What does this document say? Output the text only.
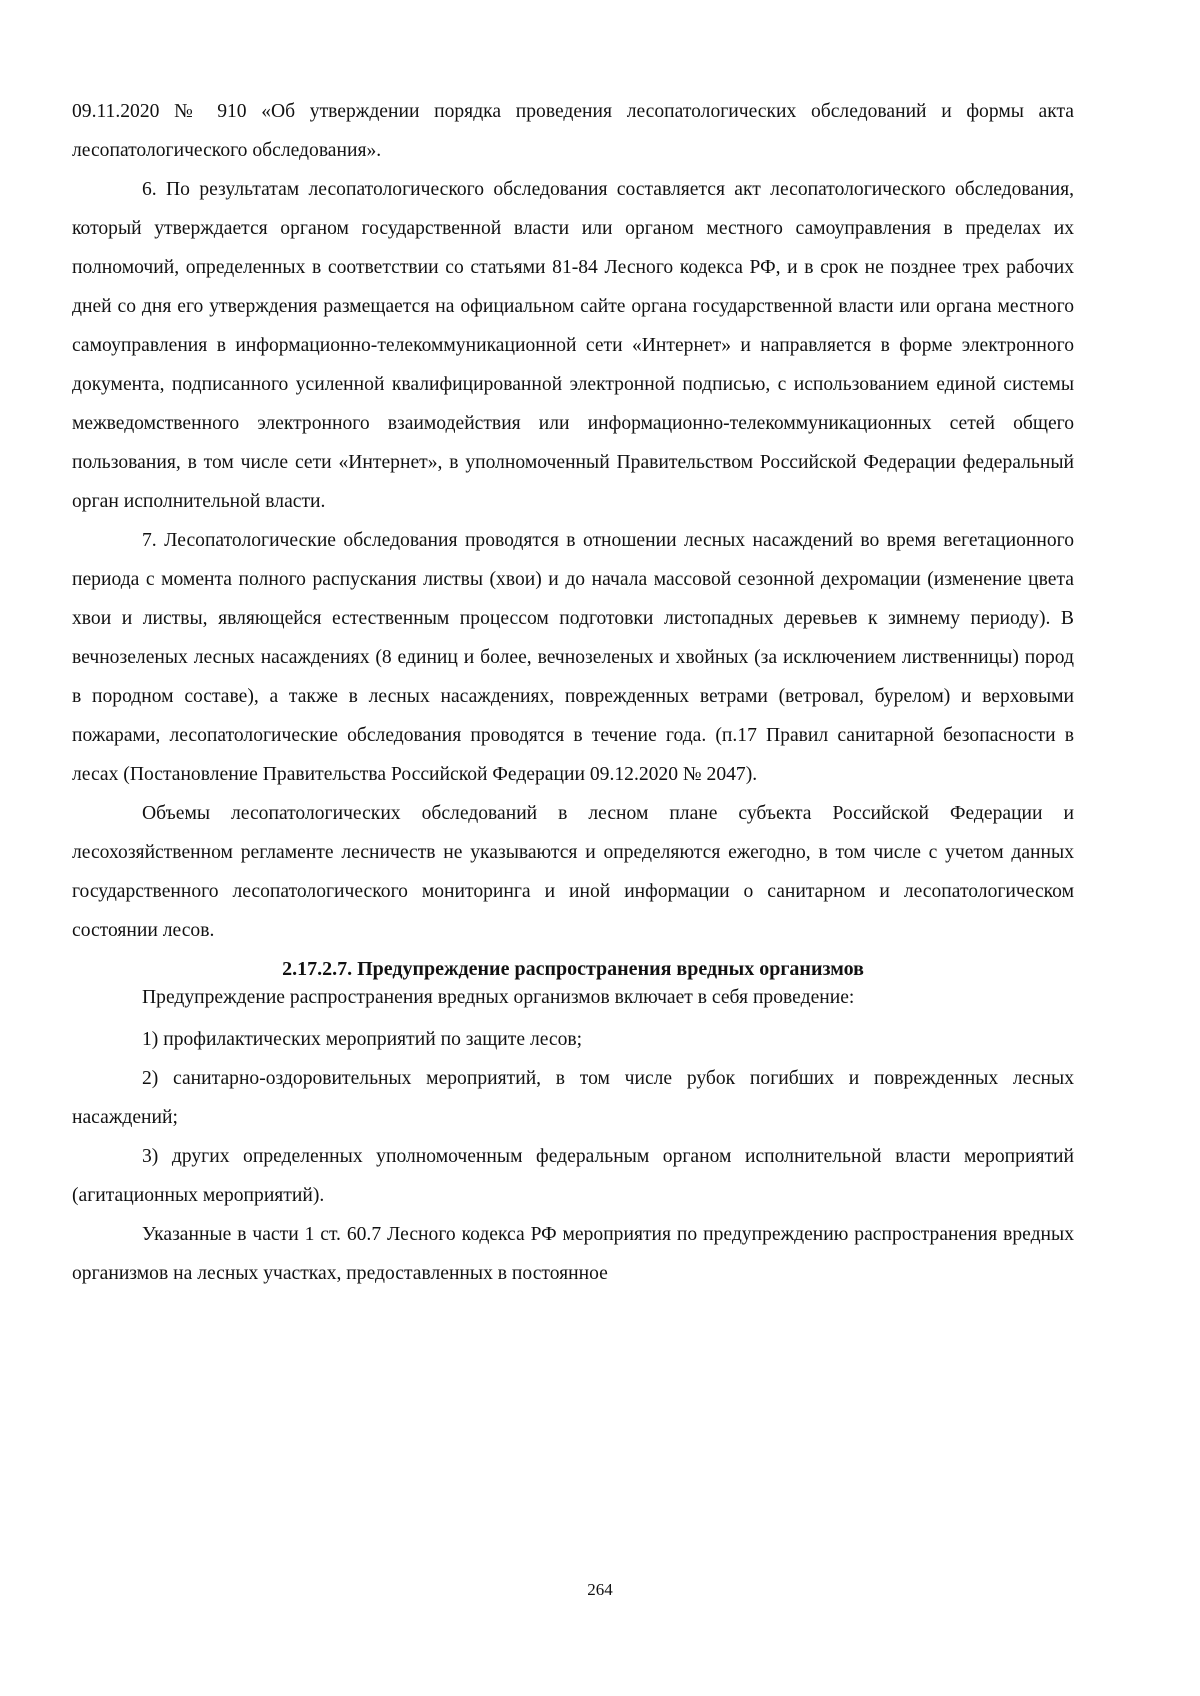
09.11.2020 № 910 «Об утверждении порядка проведения лесопатологических обследований и формы акта лесопатологического обследования».

6. По результатам лесопатологического обследования составляется акт лесопатологического обследования, который утверждается органом государственной власти или органом местного самоуправления в пределах их полномочий, определенных в соответствии со статьями 81-84 Лесного кодекса РФ, и в срок не позднее трех рабочих дней со дня его утверждения размещается на официальном сайте органа государственной власти или органа местного самоуправления в информационно-телекоммуникационной сети «Интернет» и направляется в форме электронного документа, подписанного усиленной квалифицированной электронной подписью, с использованием единой системы межведомственного электронного взаимодействия или информационно-телекоммуникационных сетей общего пользования, в том числе сети «Интернет», в уполномоченный Правительством Российской Федерации федеральный орган исполнительной власти.

7. Лесопатологические обследования проводятся в отношении лесных насаждений во время вегетационного периода с момента полного распускания листвы (хвои) и до начала массовой сезонной дехромации (изменение цвета хвои и листвы, являющейся естественным процессом подготовки листопадных деревьев к зимнему периоду). В вечнозеленых лесных насаждениях (8 единиц и более, вечнозеленых и хвойных (за исключением лиственницы) пород в породном составе), а также в лесных насаждениях, поврежденных ветрами (ветровал, бурелом) и верховыми пожарами, лесопатологические обследования проводятся в течение года. (п.17 Правил санитарной безопасности в лесах (Постановление Правительства Российской Федерации 09.12.2020 № 2047).

Объемы лесопатологических обследований в лесном плане субъекта Российской Федерации и лесохозяйственном регламенте лесничеств не указываются и определяются ежегодно, в том числе с учетом данных государственного лесопатологического мониторинга и иной информации о санитарном и лесопатологическом состоянии лесов.

2.17.2.7. Предупреждение распространения вредных организмов

Предупреждение распространения вредных организмов включает в себя проведение:

1) профилактических мероприятий по защите лесов;

2) санитарно-оздоровительных мероприятий, в том числе рубок погибших и поврежденных лесных насаждений;

3) других определенных уполномоченным федеральным органом исполнительной власти мероприятий (агитационных мероприятий).

Указанные в части 1 ст. 60.7 Лесного кодекса РФ мероприятия по предупреждению распространения вредных организмов на лесных участках, предоставленных в постоянное

264
